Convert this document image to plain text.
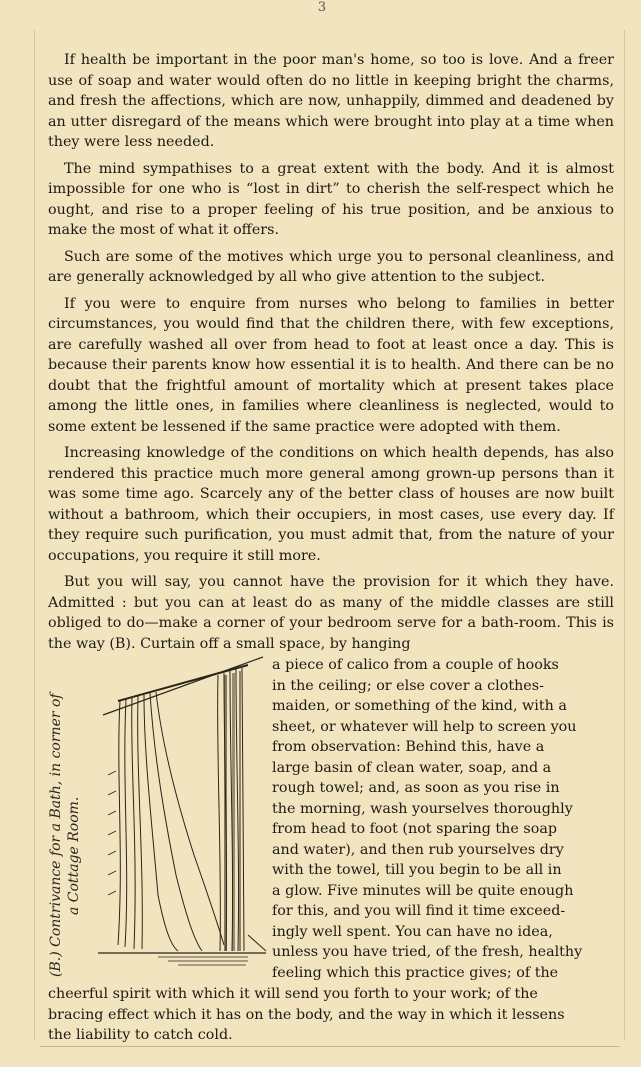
3

If health be important in the poor man's home, so too is love. And a freer use of soap and water would often do no little in keeping bright the charms, and fresh the affections, which are now, unhappily, dimmed and deadened by an utter disregard of the means which were brought into play at a time when they were less needed.

The mind sympathises to a great extent with the body. And it is almost impossible for one who is “lost in dirt” to cherish the self-respect which he ought, and rise to a proper feeling of his true position, and be anxious to make the most of what it offers.

Such are some of the motives which urge you to personal cleanliness, and are generally acknowledged by all who give attention to the subject.

If you were to enquire from nurses who belong to families in better circumstances, you would find that the children there, with few exceptions, are carefully washed all over from head to foot at least once a day. This is because their parents know how essential it is to health. And there can be no doubt that the frightful amount of mortality which at present takes place among the little ones, in families where cleanliness is neglected, would to some extent be lessened if the same practice were adopted with them.

Increasing knowledge of the conditions on which health depends, has also rendered this practice much more general among grown-up persons than it was some time ago. Scarcely any of the better class of houses are now built without a bathroom, which their occupiers, in most cases, use every day. If they require such purification, you must admit that, from the nature of your occupations, you require it still more.

But you will say, you cannot have the provision for it which they have. Admitted : but you can at least do as many of the middle classes are still obliged to do—make a corner of your bedroom serve for a bath-room. This is the way (B). Curtain off a small space, by hanging

(B.) Contrivance for a Bath, in corner of a Cottage Room.
a piece of calico from a couple of hooks
in the ceiling; or else cover a clothes-
maiden, or something of the kind, with a
sheet, or whatever will help to screen you
from observation: Behind this, have a
large basin of clean water, soap, and a
rough towel; and, as soon as you rise in
the morning, wash yourselves thoroughly
from head to foot (not sparing the soap
and water), and then rub yourselves dry
with the towel, till you begin to be all in
a glow. Five minutes will be quite enough
for this, and you will find it time exceed-
ingly well spent. You can have no idea,
unless you have tried, of the fresh, healthy
feeling which this practice gives; of the
cheerful spirit with which it will send you forth to your work; of the
bracing effect which it has on the body, and the way in which it lessens
the liability to catch cold.
